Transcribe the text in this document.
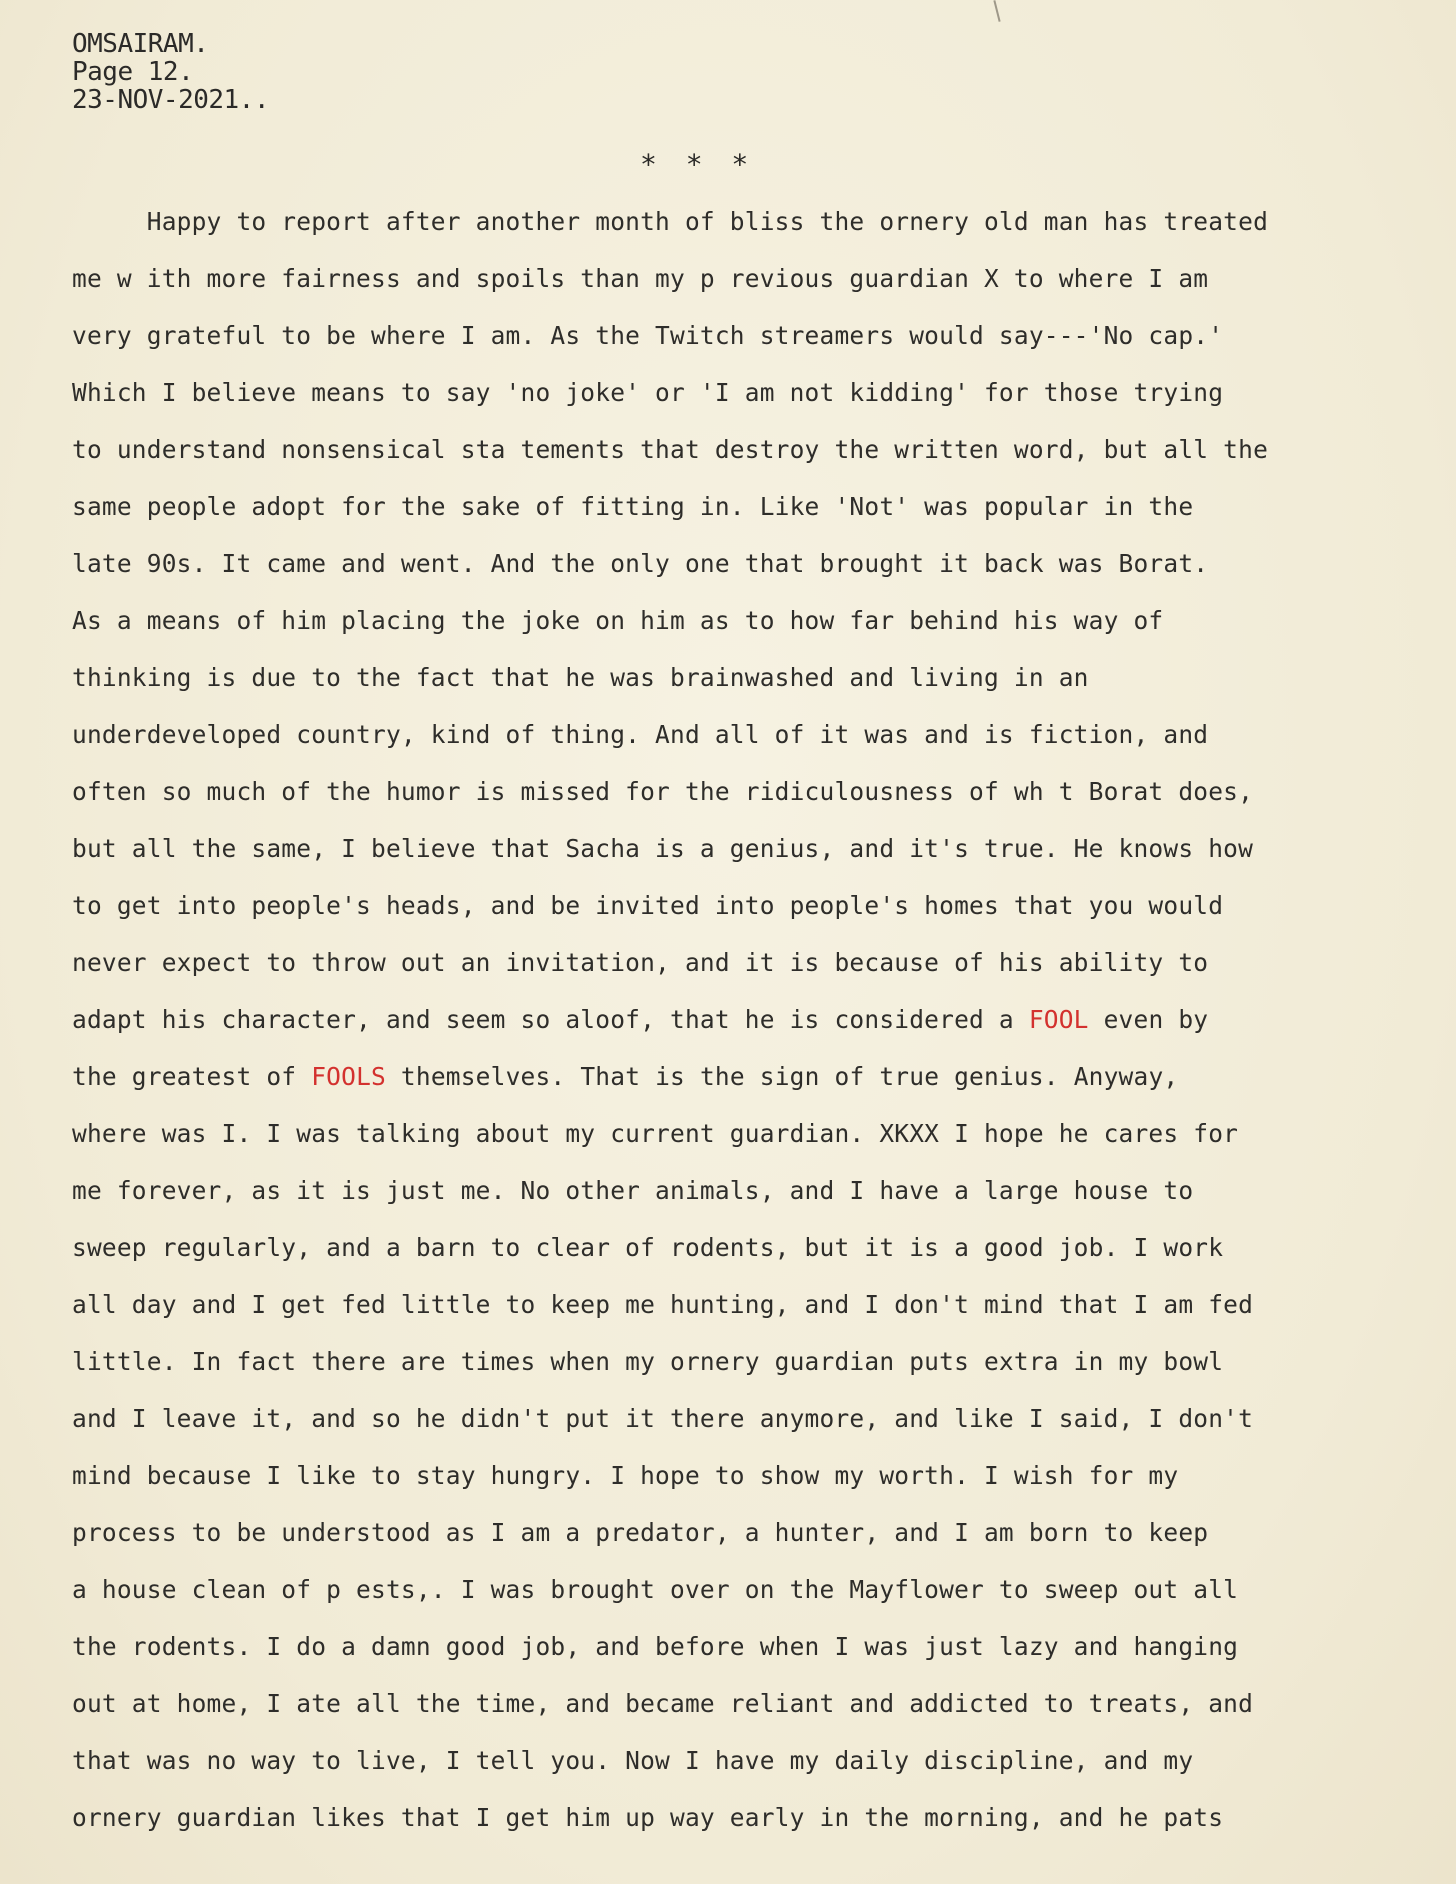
OMSAIRAM.
Page 12.
23-NOV-2021..
* * *
Happy to report after another month of bliss the ornery old man has treated
me w ith more fairness and spoils than my p revious guardian X to where I am
very grateful to be where I am. As the Twitch streamers would say---'No cap.'
Which I believe means to say 'no joke' or 'I am not kidding' for those trying
to understand nonsensical sta tements that destroy the written word, but all the
same people adopt for the sake of fitting in. Like 'Not' was popular in the
late 90s. It came and went. And the only one that brought it back was Borat.
As a means of him placing the joke on him as to how far behind his way of
thinking is due to the fact that he was brainwashed and living in an
underdeveloped country, kind of thing. And all of it was and is fiction, and
often so much of the humor is missed for the ridiculousness of wh t Borat does,
but all the same, I believe that Sacha is a genius, and it's true. He knows how
to get into people's heads, and be invited into people's homes that you would
never expect to throw out an invitation, and it is because of his ability to
adapt his character, and seem so aloof, that he is considered a FOOL even by
the greatest of FOOLS themselves. That is the sign of true genius. Anyway,
where was I. I was talking about my current guardian. XKXX I hope he cares for
me forever, as it is just me. No other animals, and I have a large house to
sweep regularly, and a barn to clear of rodents, but it is a good job. I work
all day and I get fed little to keep me hunting, and I don't mind that I am fed
little. In fact there are times when my ornery guardian puts extra in my bowl
and I leave it, and so he didn't put it there anymore, and like I said, I don't
mind because I like to stay hungry. I hope to show my worth. I wish for my
process to be understood as I am a predator, a hunter, and I am born to keep
a house clean of p ests,. I was brought over on the Mayflower to sweep out all
the rodents. I do a damn good job, and before when I was just lazy and hanging
out at home, I ate all the time, and became reliant and addicted to treats, and
that was no way to live, I tell you. Now I have my daily discipline, and my
ornery guardian likes that I get him up way early in the morning, and he pats
